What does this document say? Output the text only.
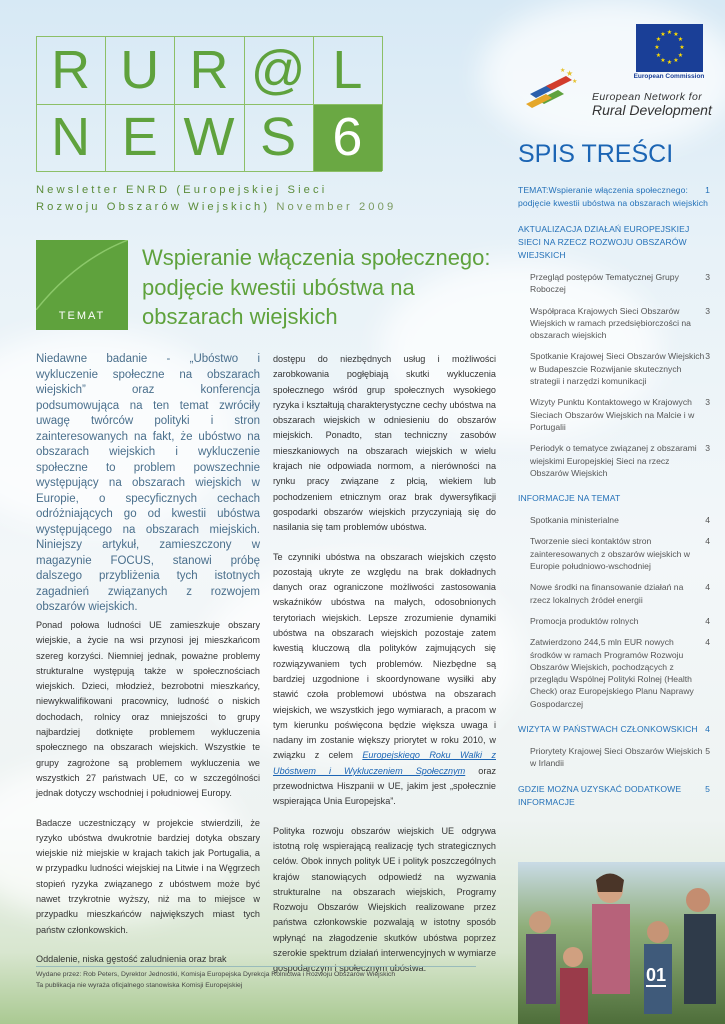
R U R @ L
N E W S 6
Newsletter ENRD (Europejskiej Sieci
Rozwoju Obszarów Wiejskich) November 2009
★ ★
★
★
★
★
★
★
★
★
★
★
European Commission
★
★
★
European Network for
Rural Development
SPIS TREŚCI
1
TEMAT:Wspieranie włączenia społecznego: podjęcie kwestii ubóstwa na obszarach wiejskich
AKTUALIZACJA DZIAŁAŃ EUROPEJSKIEJ SIECI NA RZECZ ROZWOJU OBSZARÓW WIEJSKICH
3
Przegląd postępów Tematycznej Grupy Roboczej
3
Współpraca Krajowych Sieci Obszarów Wiejskich w ramach przedsiębiorczości na obszarach wiejskich
3
Spotkanie Krajowej Sieci Obszarów Wiejskich w Budapeszcie Rozwijanie skutecznych strategii i narzędzi komunikacji
3
Wizyty Punktu Kontaktowego w Krajowych Sieciach Obszarów Wiejskich na Malcie i w Portugalii
3
Periodyk o tematyce związanej z obszarami wiejskimi Europejskiej Sieci na rzecz Obszarów Wiejskich
INFORMACJE NA TEMAT
4
Spotkania ministerialne
4
Tworzenie sieci kontaktów stron zainteresowanych z obszarów wiejskich w Europie południowo-wschodniej
4
Nowe środki na finansowanie działań na rzecz lokalnych źródeł energii
4
Promocja produktów rolnych
4
Zatwierdzono 244,5 mln EUR nowych środków w ramach Programów Rozwoju Obszarów Wiejskich, pochodzących z przeglądu Wspólnej Polityki Rolnej (Health Check) oraz Europejskiego Planu Naprawy Gospodarczej
4
WIZYTA W PAŃSTWACH CZŁONKOWSKICH
5
Priorytety Krajowej Sieci Obszarów Wiejskich w Irlandii
5
GDZIE MOŻNA UZYSKAĆ DODATKOWE INFORMACJE
TEMAT
Wspieranie włączenia społecznego: podjęcie kwestii ubóstwa na obszarach wiejskich
Niedawne badanie - „Ubóstwo i wykluczenie społeczne na obszarach wiejskich” oraz konferencja podsumowująca na ten temat zwróciły uwagę twórców polityki i stron zainteresowanych na fakt, że ubóstwo na obszarach wiejskich i wykluczenie społeczne to problem powszechnie występujący na obszarach wiejskich w Europie, o specyficznych cechach odróżniających go od kwestii ubóstwa występującego na obszarach miejskich. Niniejszy artykuł, zamieszczony w magazynie FOCUS, stanowi próbę dalszego przybliżenia tych istotnych zagadnień związanych z rozwojem obszarów wiejskich.

Ponad połowa ludności UE zamieszkuje obszary wiejskie, a życie na wsi przynosi jej mieszkańcom szereg korzyści. Niemniej jednak, poważne problemy strukturalne występują także w społecznościach wiejskich. Dzieci, młodzież, bezrobotni mieszkańcy, niewykwalifikowani pracownicy, ludność o niskich dochodach, rolnicy oraz mniejszości to grupy najbardziej dotknięte problemem wykluczenia społecznego na obszarach wiejskich. Wszystkie te grupy zagrożone są problemem wykluczenia we wszystkich 27 państwach UE, co w szczególności jednak dotyczy wschodniej i południowej Europy.

Badacze uczestniczący w projekcie stwierdzili, że ryzyko ubóstwa dwukrotnie bardziej dotyka obszary wiejskie niż miejskie w krajach takich jak Portugalia, a w przypadku ludności wiejskiej na Litwie i na Węgrzech stopień ryzyka związanego z ubóstwem może być nawet trzykrotnie wyższy, niż ma to miejsce w przypadku mieszkańców największych miast tych państw członkowskich.

Oddalenie, niska gęstość zaludnienia oraz brak

dostępu do niezbędnych usług i możliwości zarobkowania pogłębiają skutki wykluczenia społecznego wśród grup społecznych wysokiego ryzyka i kształtują charakterystyczne cechy ubóstwa na obszarach wiejskich w odniesieniu do obszarów miejskich. Ponadto, stan techniczny zasobów mieszkaniowych na obszarach wiejskich w wielu krajach nie odpowiada normom, a nierówności na rynku pracy związane z płcią, wiekiem lub pochodzeniem etnicznym oraz brak dywersyfikacji gospodarki obszarów wiejskich przyczyniają się do nasilania się tam problemów ubóstwa.

Te czynniki ubóstwa na obszarach wiejskich często pozostają ukryte ze względu na brak dokładnych danych oraz ograniczone możliwości zastosowania wskaźników ubóstwa na małych, odosobnionych terytoriach wiejskich. Lepsze zrozumienie dynamiki ubóstwa na obszarach wiejskich pozostaje zatem kwestią kluczową dla polityków zajmujących się rozwiązywaniem tych problemów. Niezbędne są bardziej uzgodnione i skoordynowane wysiłki aby stawić czoła problemowi ubóstwa na obszarach wiejskich, we wszystkich jego wymiarach, a pracom w tym kierunku poświęcona będzie większa uwaga i nadany im zostanie większy priorytet w roku 2010, w związku z celem Europejskiego Roku Walki z Ubóstwem i Wykluczeniem Społecznym oraz przewodnictwa Hiszpanii w UE, jakim jest „społecznie wspierająca Unia Europejska”.

Polityka rozwoju obszarów wiejskich UE odgrywa istotną rolę wspierającą realizację tych strategicznych celów. Obok innych polityk UE i polityk poszczególnych krajów stanowiących odpowiedź na wyzwania strukturalne na obszarach wiejskich, Programy Rozwoju Obszarów Wiejskich realizowane przez państwa członkowskie pozwalają w istotny sposób wpłynąć na złagodzenie skutków ubóstwa poprzez szerokie spektrum działań interwencyjnych w wymiarze gospodarczym i społecznym ubóstwa.

Wydane przez: Rob Peters, Dyrektor Jednostki, Komisja Europejska Dyrekcja Rolnictwa i Rozwoju Obszarów Wiejskich
Ta publikacja nie wyraża oficjalnego stanowiska Komisji Europejskiej	01
